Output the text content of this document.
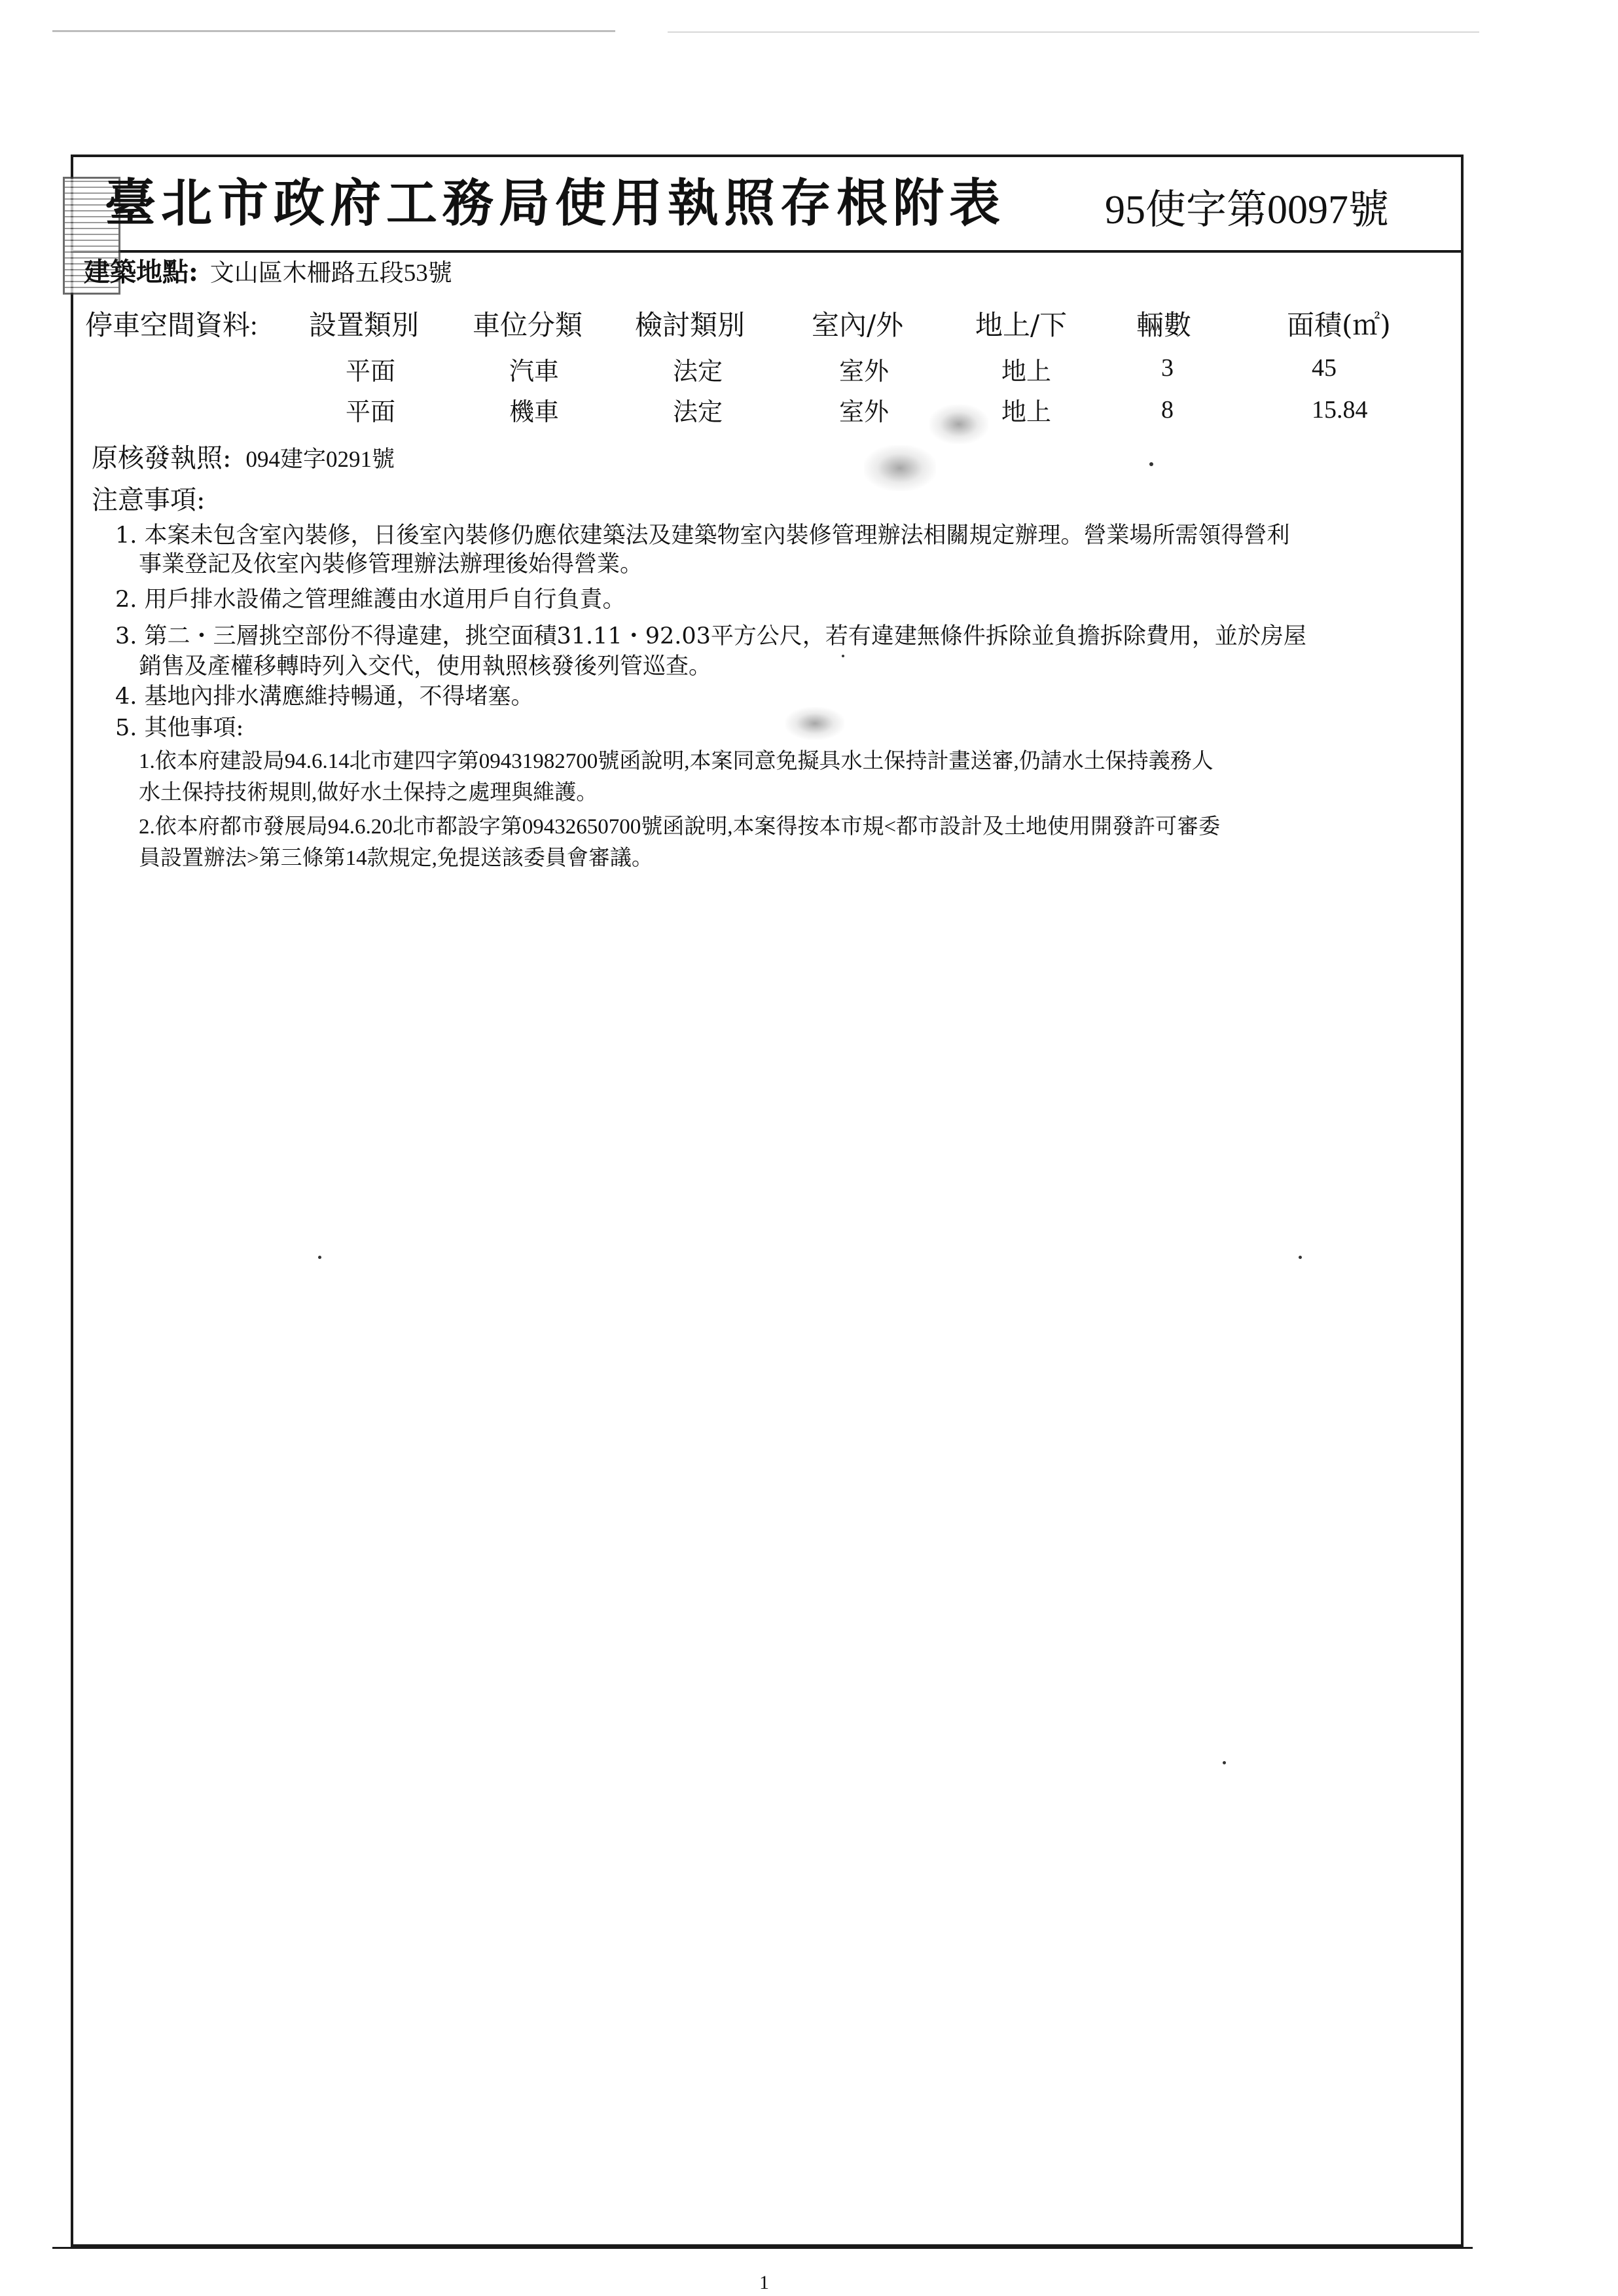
臺北市政府工務局使用執照存根附表 95使字第0097號
建築地點: 文山區木柵路五段53號
停車空間資料: 設置類別 車位分類 檢討類別 室內/外	地上/下	輛數	面積(㎡)
平面	汽車	法定	室外	地上	3	45
平面	機車	法定	室外	地上	8	15.84
原核發執照: 094建字0291號
注意事項:
1. 本案未包含室內裝修，日後室內裝修仍應依建築法及建築物室內裝修管理辦法相關規定辦理。營業場所需領得營利
事業登記及依室內裝修管理辦法辦理後始得營業。
2. 用戶排水設備之管理維護由水道用戶自行負責。
3. 第二・三層挑空部份不得違建，挑空面積31.11・92.03平方公尺，若有違建無條件拆除並負擔拆除費用，並於房屋
銷售及產權移轉時列入交代，使用執照核發後列管巡查。
4. 基地內排水溝應維持暢通，不得堵塞。
5. 其他事項:
1.依本府建設局94.6.14北市建四字第09431982700號函說明,本案同意免擬具水土保持計畫送審,仍請水土保持義務人
水土保持技術規則,做好水土保持之處理與維護。
2.依本府都市發展局94.6.20北市都設字第09432650700號函說明,本案得按本市規<都市設計及土地使用開發許可審委
員設置辦法>第三條第14款規定,免提送該委員會審議。
1
